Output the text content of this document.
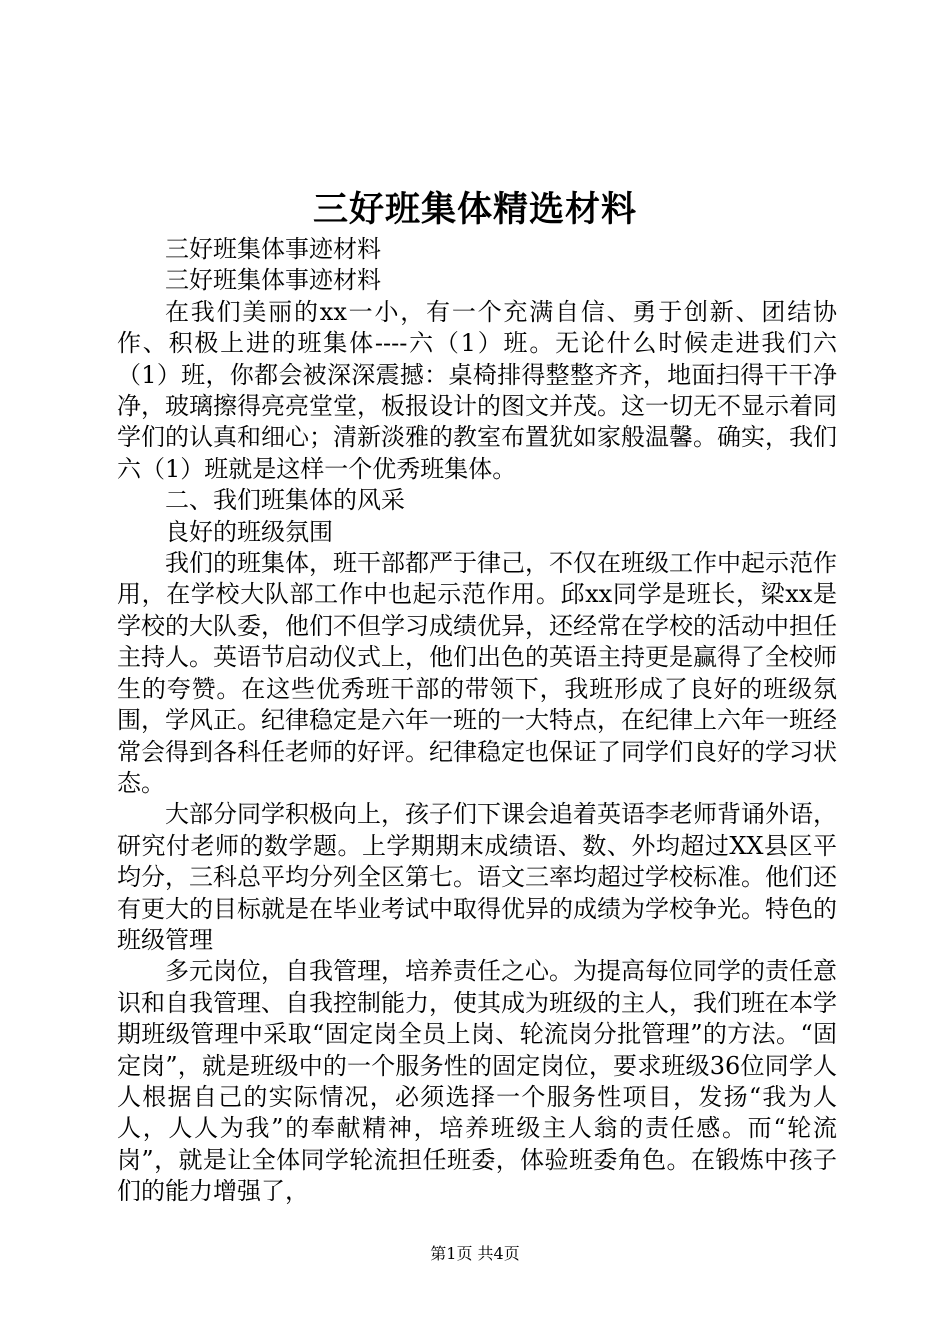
三好班集体精选材料

三好班集体事迹材料

三好班集体事迹材料

在我们美丽的xx一小，有一个充满自信、勇于创新、团结协作、积极上进的班集体----六（1）班。无论什么时候走进我们六（1）班，你都会被深深震撼：桌椅排得整整齐齐，地面扫得干干净净，玻璃擦得亮亮堂堂，板报设计的图文并茂。这一切无不显示着同学们的认真和细心；清新淡雅的教室布置犹如家般温馨。确实，我们六（1）班就是这样一个优秀班集体。

二、我们班集体的风采

良好的班级氛围

我们的班集体，班干部都严于律己，不仅在班级工作中起示范作用，在学校大队部工作中也起示范作用。邱xx同学是班长，梁xx是学校的大队委，他们不但学习成绩优异，还经常在学校的活动中担任主持人。英语节启动仪式上，他们出色的英语主持更是赢得了全校师生的夸赞。在这些优秀班干部的带领下，我班形成了良好的班级氛围，学风正。纪律稳定是六年一班的一大特点，在纪律上六年一班经常会得到各科任老师的好评。纪律稳定也保证了同学们良好的学习状态。

大部分同学积极向上，孩子们下课会追着英语李老师背诵外语，研究付老师的数学题。上学期期末成绩语、数、外均超过XX县区平均分，三科总平均分列全区第七。语文三率均超过学校标准。他们还有更大的目标就是在毕业考试中取得优异的成绩为学校争光。特色的班级管理

多元岗位，自我管理，培养责任之心。为提高每位同学的责任意识和自我管理、自我控制能力，使其成为班级的主人，我们班在本学期班级管理中采取“固定岗全员上岗、轮流岗分批管理”的方法。“固定岗”，就是班级中的一个服务性的固定岗位，要求班级36位同学人人根据自己的实际情况，必须选择一个服务性项目，发扬“我为人人，人人为我”的奉献精神，培养班级主人翁的责任感。而“轮流岗”，就是让全体同学轮流担任班委，体验班委角色。在锻炼中孩子们的能力增强了，

第1页 共4页
